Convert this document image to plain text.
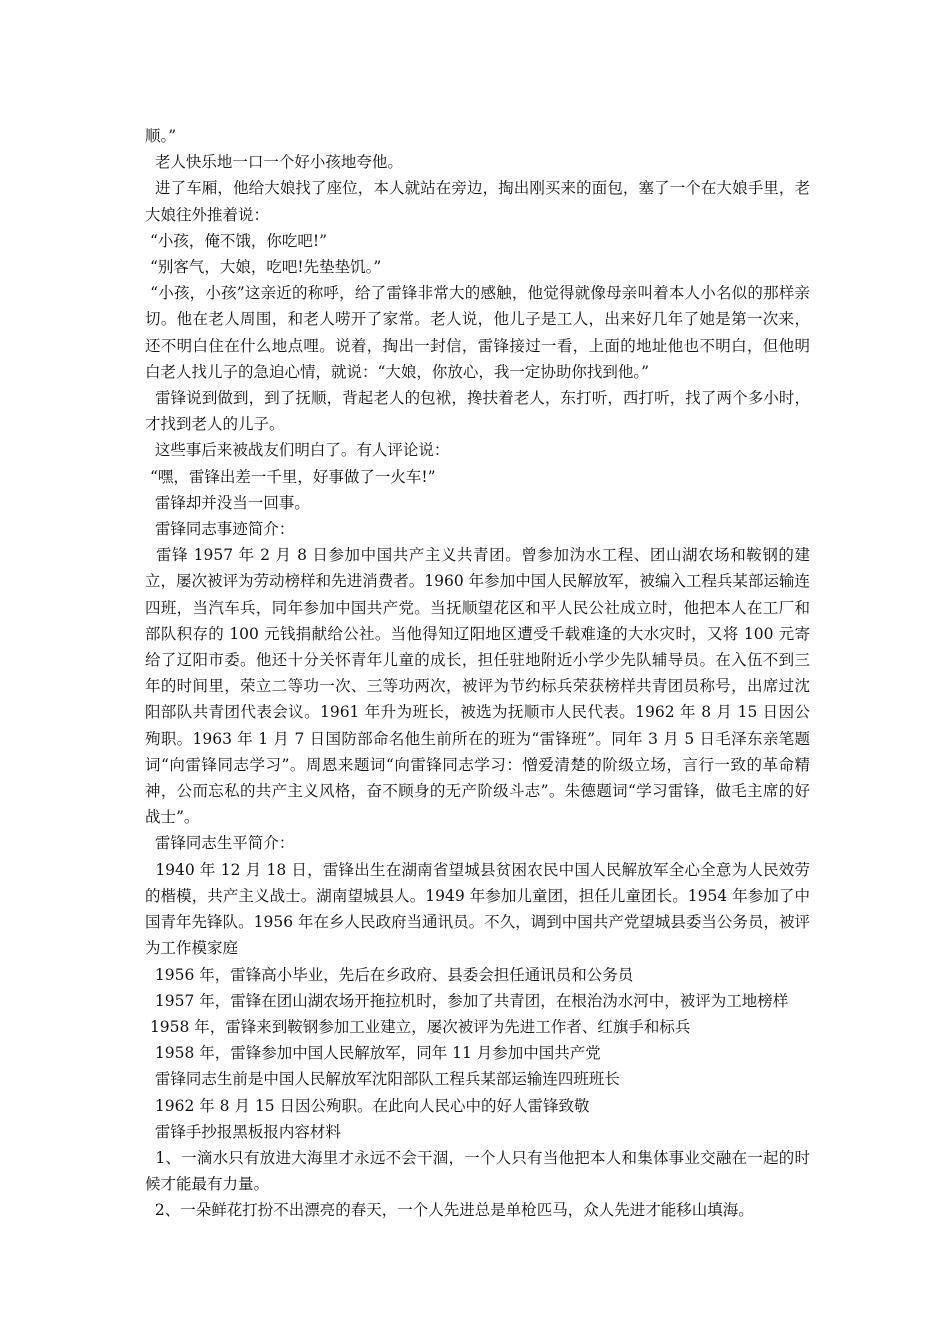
顺。”

老人快乐地一口一个好小孩地夸他。

进了车厢，他给大娘找了座位，本人就站在旁边，掏出刚买来的面包，塞了一个在大娘手里，老大娘往外推着说：

“小孩，俺不饿，你吃吧!”

“别客气，大娘，吃吧!先垫垫饥。”

“小孩，小孩”这亲近的称呼，给了雷锋非常大的感触，他觉得就像母亲叫着本人小名似的那样亲切。他在老人周围，和老人唠开了家常。老人说，他儿子是工人，出来好几年了她是第一次来，还不明白住在什么地点哩。说着，掏出一封信，雷锋接过一看，上面的地址他也不明白，但他明白老人找儿子的急迫心情，就说：“大娘，你放心，我一定协助你找到他。”

雷锋说到做到，到了抚顺，背起老人的包袱，搀扶着老人，东打听，西打听，找了两个多小时，才找到老人的儿子。

这些事后来被战友们明白了。有人评论说：

“嘿，雷锋出差一千里，好事做了一火车!”

雷锋却并没当一回事。

雷锋同志事迹简介：

雷锋 1957 年 2 月 8 日参加中国共产主义共青团。曾参加沩水工程、团山湖农场和鞍钢的建立，屡次被评为劳动榜样和先进消费者。1960 年参加中国人民解放军，被编入工程兵某部运输连四班，当汽车兵，同年参加中国共产党。当抚顺望花区和平人民公社成立时，他把本人在工厂和部队积存的 100 元钱捐献给公社。当他得知辽阳地区遭受千载难逢的大水灾时，又将 100 元寄给了辽阳市委。他还十分关怀青年儿童的成长，担任驻地附近小学少先队辅导员。在入伍不到三年的时间里，荣立二等功一次、三等功两次，被评为节约标兵荣获榜样共青团员称号，出席过沈阳部队共青团代表会议。1961 年升为班长，被选为抚顺市人民代表。1962 年 8 月 15 日因公殉职。1963 年 1 月 7 日国防部命名他生前所在的班为“雷锋班”。同年 3 月 5 日毛泽东亲笔题词“向雷锋同志学习”。周恩来题词“向雷锋同志学习：憎爱清楚的阶级立场，言行一致的革命精神，公而忘私的共产主义风格，奋不顾身的无产阶级斗志”。朱德题词“学习雷锋，做毛主席的好战士”。

雷锋同志生平简介：

1940 年 12 月 18 日，雷锋出生在湖南省望城县贫困农民中国人民解放军全心全意为人民效劳的楷模，共产主义战士。湖南望城县人。1949 年参加儿童团，担任儿童团长。1954 年参加了中国青年先锋队。1956 年在乡人民政府当通讯员。不久，调到中国共产党望城县委当公务员，被评为工作模家庭

1956 年，雷锋高小毕业，先后在乡政府、县委会担任通讯员和公务员

1957 年，雷锋在团山湖农场开拖拉机时，参加了共青团，在根治沩水河中，被评为工地榜样

1958 年，雷锋来到鞍钢参加工业建立，屡次被评为先进工作者、红旗手和标兵

1958 年，雷锋参加中国人民解放军，同年 11 月参加中国共产党

雷锋同志生前是中国人民解放军沈阳部队工程兵某部运输连四班班长

1962 年 8 月 15 日因公殉职。在此向人民心中的好人雷锋致敬

雷锋手抄报黑板报内容材料

1、一滴水只有放进大海里才永远不会干涸，一个人只有当他把本人和集体事业交融在一起的时候才能最有力量。

2、一朵鲜花打扮不出漂亮的春天，一个人先进总是单枪匹马，众人先进才能移山填海。
